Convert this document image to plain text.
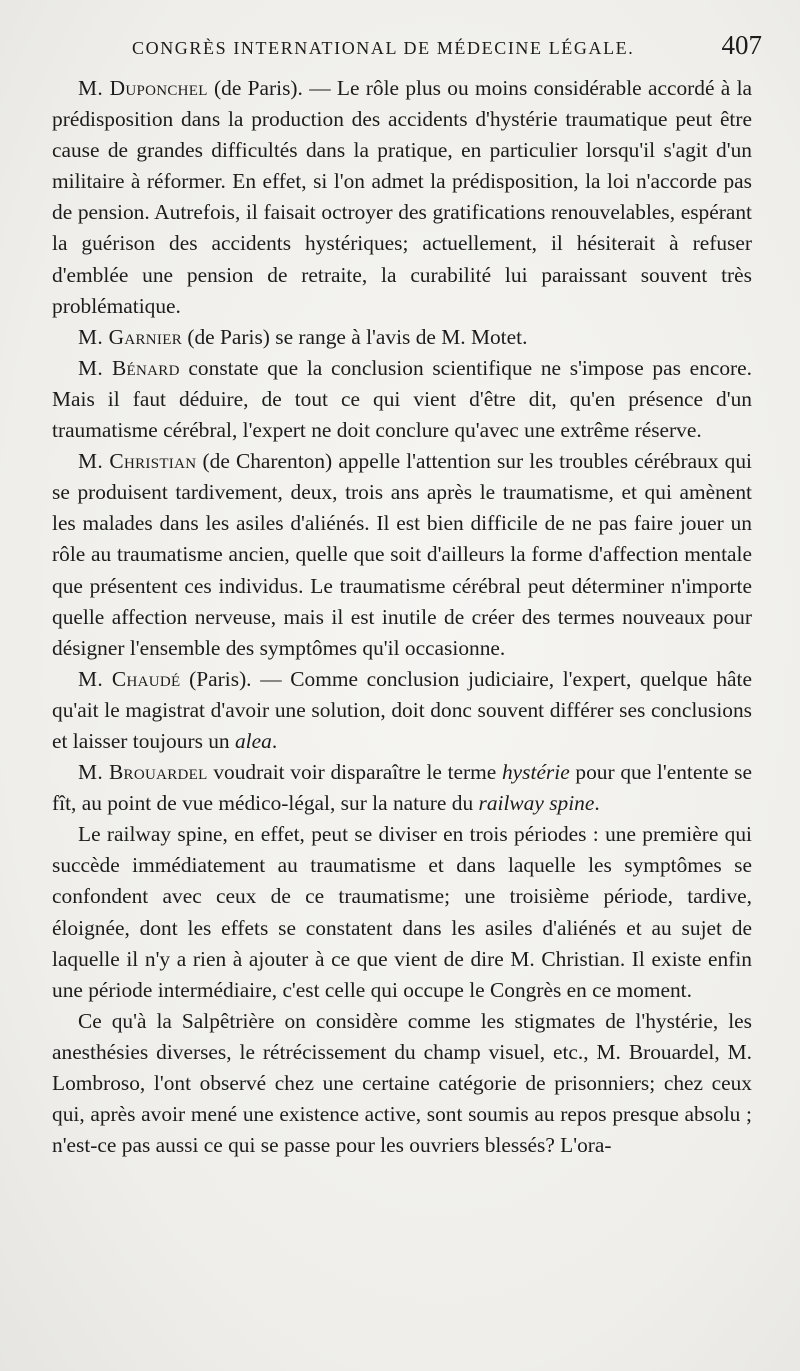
CONGRÈS INTERNATIONAL DE MÉDECINE LÉGALE.	407

M. Duponchel (de Paris). — Le rôle plus ou moins considérable accordé à la prédisposition dans la production des accidents d'hystérie traumatique peut être cause de grandes difficultés dans la pratique, en particulier lorsqu'il s'agit d'un militaire à réformer. En effet, si l'on admet la prédisposition, la loi n'accorde pas de pension. Autrefois, il faisait octroyer des gratifications renouvelables, espérant la guérison des accidents hystériques; actuellement, il hésiterait à refuser d'emblée une pension de retraite, la curabilité lui paraissant souvent très problématique.

M. Garnier (de Paris) se range à l'avis de M. Motet.

M. Bénard constate que la conclusion scientifique ne s'impose pas encore. Mais il faut déduire, de tout ce qui vient d'être dit, qu'en présence d'un traumatisme cérébral, l'expert ne doit conclure qu'avec une extrême réserve.

M. Christian (de Charenton) appelle l'attention sur les troubles cérébraux qui se produisent tardivement, deux, trois ans après le traumatisme, et qui amènent les malades dans les asiles d'aliénés. Il est bien difficile de ne pas faire jouer un rôle au traumatisme ancien, quelle que soit d'ailleurs la forme d'affection mentale que présentent ces individus. Le traumatisme cérébral peut déterminer n'importe quelle affection nerveuse, mais il est inutile de créer des termes nouveaux pour désigner l'ensemble des symptômes qu'il occasionne.

M. Chaudé (Paris). — Comme conclusion judiciaire, l'expert, quelque hâte qu'ait le magistrat d'avoir une solution, doit donc souvent différer ses conclusions et laisser toujours un alea.

M. Brouardel voudrait voir disparaître le terme hystérie pour que l'entente se fît, au point de vue médico-légal, sur la nature du railway spine.

Le railway spine, en effet, peut se diviser en trois périodes : une première qui succède immédiatement au traumatisme et dans laquelle les symptômes se confondent avec ceux de ce traumatisme; une troisième période, tardive, éloignée, dont les effets se constatent dans les asiles d'aliénés et au sujet de laquelle il n'y a rien à ajouter à ce que vient de dire M. Christian. Il existe enfin une période intermédiaire, c'est celle qui occupe le Congrès en ce moment.

Ce qu'à la Salpêtrière on considère comme les stigmates de l'hystérie, les anesthésies diverses, le rétrécissement du champ visuel, etc., M. Brouardel, M. Lombroso, l'ont observé chez une certaine catégorie de prisonniers; chez ceux qui, après avoir mené une existence active, sont soumis au repos presque absolu ; n'est-ce pas aussi ce qui se passe pour les ouvriers blessés? L'ora-
